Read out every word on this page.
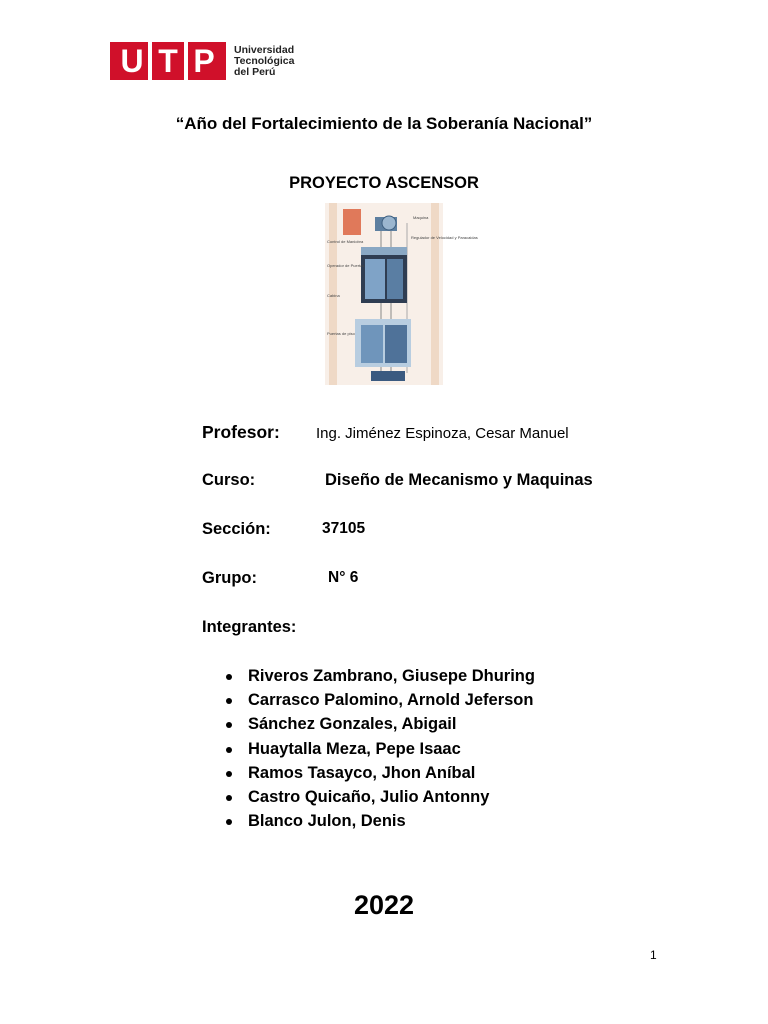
U T P	Universidad
Tecnológica
del Perú
“Año del Fortalecimiento de la Soberanía Nacional”
PROYECTO ASCENSOR
Maquina
Control de Maniobra
Regulador de Velocidad y Paracaidas
Operador de Puertas
Cabina
Puertas de piso
Profesor: Ing. Jiménez Espinoza, Cesar Manuel
Curso:	Diseño de Mecanismo y Maquinas
Sección:	37105
Grupo:	N° 6
Integrantes:
Riveros Zambrano, Giusepe Dhuring
Carrasco Palomino, Arnold Jeferson
Sánchez Gonzales, Abigail
Huaytalla Meza, Pepe Isaac
Ramos Tasayco, Jhon Aníbal
Castro Quicaño, Julio Antonny
Blanco Julon, Denis
2022
1
